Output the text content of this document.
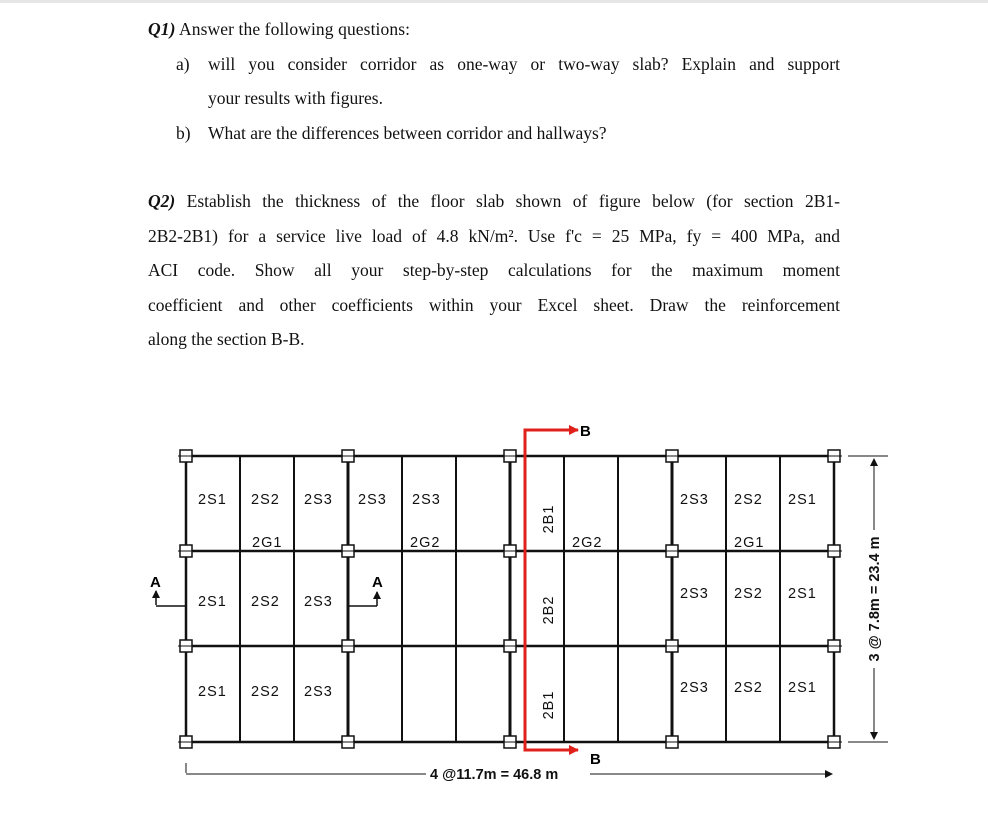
Q1) Answer the following questions:
a) will you consider corridor as one-way or two-way slab? Explain and support
your results with figures.
b) What are the differences between corridor and hallways?
Q2) Establish the thickness of the floor slab shown of figure below (for section 2B1-
2B2-2B1) for a service live load of 4.8 kN/m². Use f'c = 25 MPa, fy = 400 MPa, and
ACI code. Show all your step-by-step calculations for the maximum moment
coefficient and other coefficients within your Excel sheet. Draw the reinforcement
along the section B-B.
2S1 2S2 2S3 2S3 2S3	2S3 2S2 2S1
2G1	2G2	2G2	2G1
2S1 2S2 2S3	2S3 2S2 2S1
2S1 2S2 2S3	2S3 2S2 2S1
2B1
2B2
2B1
A	A
B
B
4 @11.7m = 46.8 m
3 @ 7.8m = 23.4 m
